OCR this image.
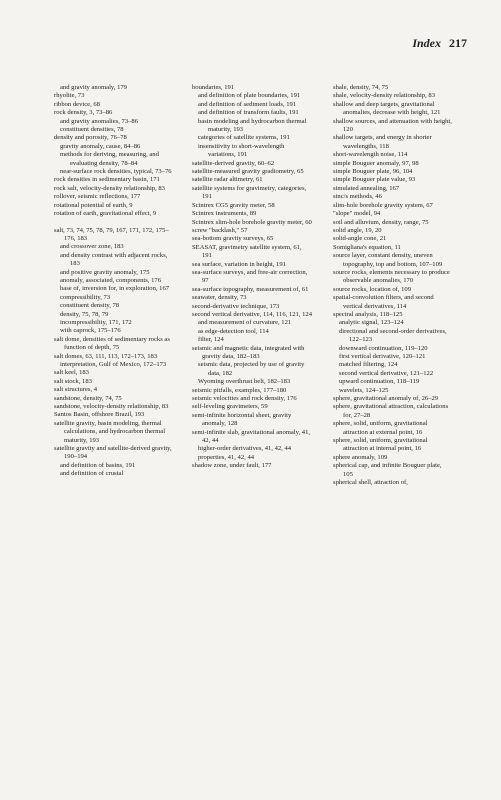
Index 217
and gravity anomaly, 179
rhyolite, 73
ribbon device, 68
rock density, 3, 73–86
and gravity anomalies, 73–86
constituent densities, 78
density and porosity, 76–78
gravity anomaly, cause, 84–86
methods for deriving, measuring, and evaluating density, 78–84
near-surface rock densities, typical, 73–76
rock densities in sedimentary basin, 171
rock salt, velocity-density relationship, 83
rollover, seismic reflections, 177
rotational potential of earth, 9
rotation of earth, gravitational effect, 9
salt, 73, 74, 75, 78, 79, 167, 171, 172, 175–176, 183
and crossover zone, 183
and density contrast with adjacent rocks, 183
and positive gravity anomaly, 175
anomaly, associated, components, 176
base of, inversion for, in exploration, 167
compressibility, 73
constituent density, 78
density, 75, 78, 79
incompressibility, 171, 172
with caprock, 175–176
salt dome, densities of sedimentary rocks as function of depth, 75
salt domes, 63, 111, 113, 172–173, 183
interpretation, Gulf of Mexico, 172–173
salt keel, 183
salt stock, 183
salt structures, 4
sandstone, density, 74, 75
sandstone, velocity-density relationship, 83
Santos Basin, offshore Brazil, 193
satellite gravity, basin modeling, thermal calculations, and hydrocarbon thermal maturity, 193
satellite gravity and satellite-derived gravity, 190–194
and definition of basins, 191
and definition of crustal
boundaries, 191
and definition of plate boundaries, 191
and definition of sediment loads, 191
and definition of transform faults, 191
basin modeling and hydrocarbon thermal maturity, 193
categories of satellite systems, 191
insensitivity to short-wavelength variations, 191
satellite-derived gravity, 60–62
satellite-measured gravity gradiometry, 65
satellite radar altimetry, 61
satellite systems for gravimetry, categories, 191
Scintrex CG5 gravity meter, 58
Scintrex instruments, 89
Scintrex slim-hole borehole gravity meter, 60
screw "backlash," 57
sea-bottom gravity surveys, 65
SEASAT, gravimetry satellite system, 61, 191
sea surface, variation in height, 191
sea-surface surveys, and free-air correction, 97
sea-surface topography, measurement of, 61
seawater, density, 73
second-derivative technique, 173
second vertical derivative, 114, 116, 121, 124
and measurement of curvature, 121
as edge-detection tool, 114
filter, 124
seismic and magnetic data, integrated with gravity data, 182–183
seismic data, projected by use of gravity data, 182
Wyoming overthrust belt, 182–183
seismic pitfalls, examples, 177–180
seismic velocities and rock density, 176
self-leveling gravimeters, 59
semi-infinite horizontal sheet, gravity anomaly, 128
semi-infinite slab, gravitational anomaly, 41, 42, 44
higher-order derivatives, 41, 42, 44
properties, 41, 42, 44
shadow zone, under fault, 177
shale, density, 74, 75
shale, velocity-density relationship, 83
shallow and deep targets, gravitational anomalies, decrease with height, 121
shallow sources, and attenuation with height, 120
shallow targets, and energy in shorter wavelengths, 118
short-wavelength noise, 114
simple Bouguer anomaly, 97, 98
simple Bouguer plate, 96, 104
simple Bouguer plate value, 93
simulated annealing, 167
sinc/s methods, 46
slim-hole borehole gravity system, 67
"slope" model, 94
soil and alluvium, density, range, 75
solid angle, 19, 20
solid-angle cone, 21
Somigliana's equation, 11
source layer, constant density, uneven topography, top and bottom, 107–109
source rocks, elements necessary to produce observable anomalies, 170
source rocks, location of, 109
spatial-convolution filters, and second vertical derivatives, 114
spectral analysis, 118–125
analytic signal, 123–124
directional and second-order derivatives, 122–123
downward continuation, 119–120
first vertical derivative, 120–121
matched filtering, 124
second vertical derivative, 121–122
upward continuation, 118–119
wavelets, 124–125
sphere, gravitational anomaly of, 26–29
sphere, gravitational attraction, calculations for, 27–28
sphere, solid, uniform, gravitational attraction at external point, 16
sphere, solid, uniform, gravitational attraction at internal point, 16
sphere anomaly, 109
spherical cap, and infinite Bouguer plate, 105
spherical shell, attraction of,
